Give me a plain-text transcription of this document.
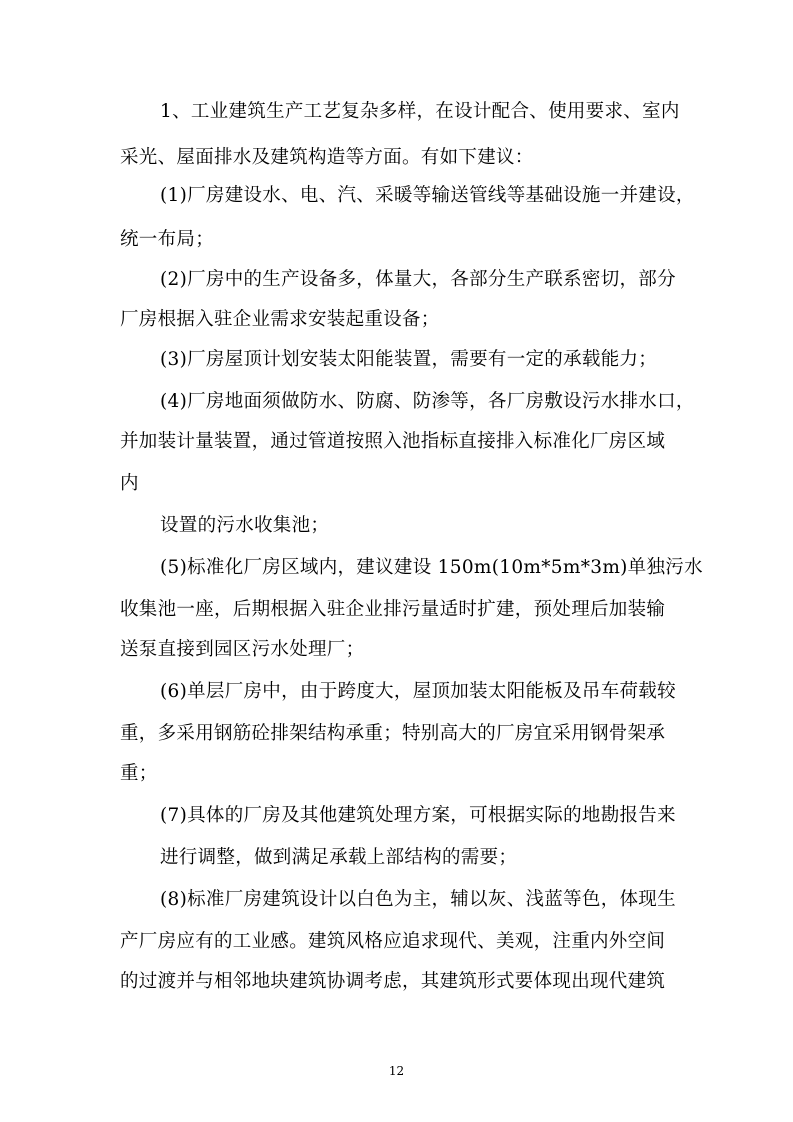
1、工业建筑生产工艺复杂多样，在设计配合、使用要求、室内
采光、屋面排水及建筑构造等方面。有如下建议：
(1)厂房建设水、电、汽、采暖等输送管线等基础设施一并建设，
统一布局；
(2)厂房中的生产设备多，体量大，各部分生产联系密切，部分
厂房根据入驻企业需求安装起重设备；
(3)厂房屋顶计划安装太阳能装置，需要有一定的承载能力；
(4)厂房地面须做防水、防腐、防渗等，各厂房敷设污水排水口，
并加装计量装置，通过管道按照入池指标直接排入标准化厂房区域
内
设置的污水收集池；
(5)标准化厂房区域内，建议建设 150m(10m*5m*3m)单独污水
收集池一座，后期根据入驻企业排污量适时扩建，预处理后加装输
送泵直接到园区污水处理厂；
(6)单层厂房中，由于跨度大，屋顶加装太阳能板及吊车荷载较
重，多采用钢筋砼排架结构承重；特别高大的厂房宜采用钢骨架承
重；
(7)具体的厂房及其他建筑处理方案，可根据实际的地勘报告来
进行调整，做到满足承载上部结构的需要；
(8)标准厂房建筑设计以白色为主，辅以灰、浅蓝等色，体现生
产厂房应有的工业感。建筑风格应追求现代、美观，注重内外空间
的过渡并与相邻地块建筑协调考虑，其建筑形式要体现出现代建筑
12
